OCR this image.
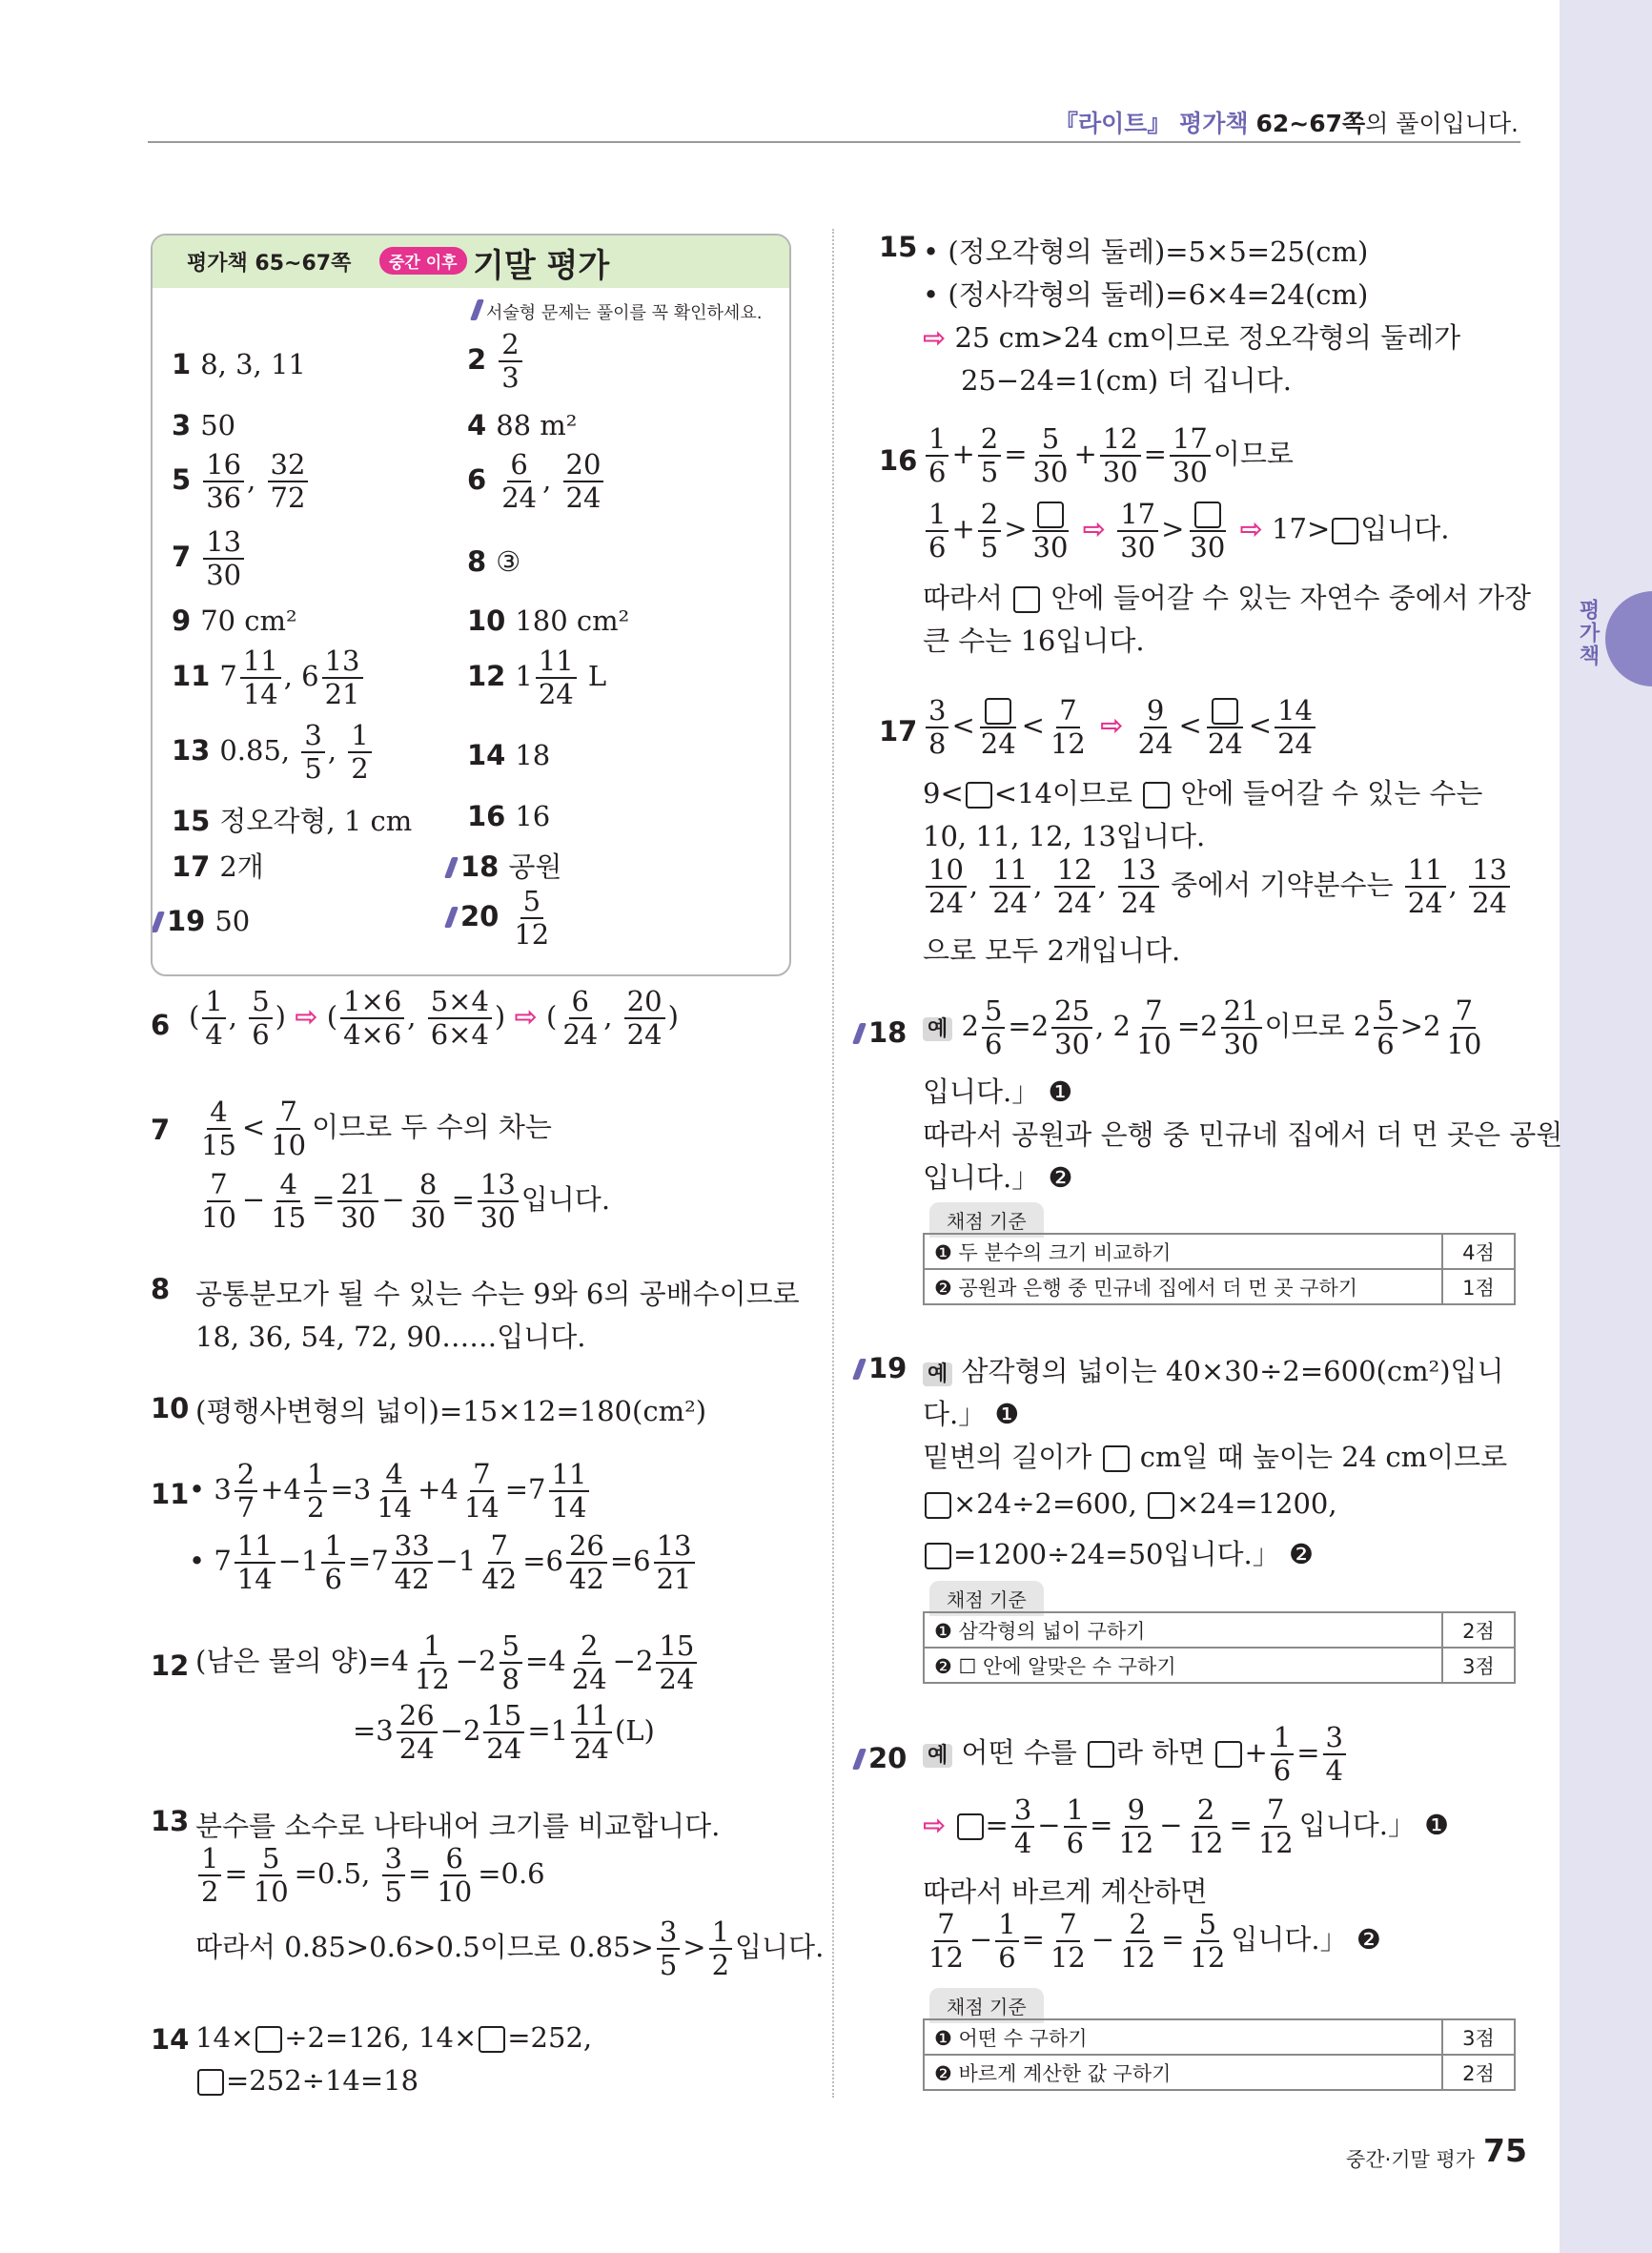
평가책
『라이트』 평가책 62~67쪽의 풀이입니다.
평가책 65~67쪽	중간 이후 기말 평가
서술형 문제는 풀이를 꼭 확인하세요.
1 8, 3, 11	$2 \frac{2}{3}$
3 50	4 88 m²
$5 \frac{16}{36}$ , $\frac{32}{72}$	$6 \frac{6}{24}$ , $\frac{20}{24}$
$7 \frac{13}{30}$	8 ③
9 70 cm²	10 180 cm²
11 $7 \frac{11}{14}$ , $6 \frac{13}{21}$	12 $1 \frac{11}{24}$ L
13 0.85, $\frac{3}{5}$ , $\frac{1}{2}$	14 18
15 정오각형, 1 cm 16 16
17 2개	18 공원
19 50	$20 \frac{5}{12}$
6 ( $\frac{1}{4}$ , $\frac{5}{6}$ ) ⇨ ( $\frac{1\times 6}{4\times 6}$ , $\frac{5\times 4}{6\times 4}$ ) ⇨ ( $\frac{6}{24}$ , $\frac{20}{24}$ )
$7 \frac{4}{15} < \frac{7}{10}$ 이므로 두 수의 차는
$\frac{7}{10} - \frac{4}{15} = \frac{21}{30} - \frac{8}{30} = \frac{13}{30}$ 입니다.
8 공통분모가 될 수 있는 수는 9와 6의 공배수이므로
18, 36, 54, 72, 90……입니다.
10 (평행사변형의 넓이)=15×12=180(cm²)
11 • $3 \frac{2}{7} +4 \frac{1}{2} =3 \frac{4}{14} +4 \frac{7}{14} =7 \frac{11}{14}$
• $7 \frac{11}{14} -1 \frac{1}{6} =7 \frac{33}{42} -1 \frac{7}{42} =6 \frac{26}{42} =6 \frac{13}{21}$
12 (남은 물의 양)$=4 \frac{1}{12} -2 \frac{5}{8} =4 \frac{2}{24} -2 \frac{15}{24}$
$=3 \frac{26}{24} -2 \frac{15}{24} =1 \frac{11}{24} (L)$
13 분수를 소수로 나타내어 크기를 비교합니다.
$\frac{1}{2} = \frac{5}{10} =0.5$, $\frac{3}{5} = \frac{6}{10} =0.6$
따라서 0.85>0.6>0.5이므로 $0.85> \frac{3}{5} > \frac{1}{2}$ 입니다.
14 14× ÷2=126, 14× =252,
=252÷14=18
15 • (정오각형의 둘레)=5×5=25(cm)
• (정사각형의 둘레)=6×4=24(cm)
⇨ 25 cm>24 cm이므로 정오각형의 둘레가
25−24=1(cm) 더 깁니다.
$16 \frac{1}{6} + \frac{2}{5} = \frac{5}{30} + \frac{12}{30} = \frac{17}{30}$ 이므로
$\frac{1}{6} + \frac{2}{5}$ >
30
⇨ $\frac{17}{30}$ >
30
⇨ 17> 입니다.
따라서 안에 들어갈 수 있는 자연수 중에서 가장
큰 수는 16입니다.
$17 \frac{3}{8}$ <
24
< $\frac{7}{12}$ ⇨ $\frac{9}{24}$ <
24
< $\frac{14}{24}$
9< <14이므로 안에 들어갈 수 있는 수는
10, 11, 12, 13입니다.
$\frac{10}{24}$ , $\frac{11}{24}$ , $\frac{12}{24}$ , $\frac{13}{24}$ 중에서 기약분수는 $\frac{11}{24}$ , $\frac{13}{24}$
으로 모두 2개입니다.
18 예 $2 \frac{5}{6} =2 \frac{25}{30}$ , $2 \frac{7}{10} =2 \frac{21}{30}$ 이므로 $2 \frac{5}{6} >2 \frac{7}{10}$
입니다.」 ❶
따라서 공원과 은행 중 민규네 집에서 더 먼 곳은 공원
입니다.」 ❷
채점 기준
❶ 두 분수의 크기 비교하기	4점
❷ 공원과 은행 중 민규네 집에서 더 먼 곳 구하기	1점
19 예 삼각형의 넓이는 40×30÷2=600(cm²)입니
다.」 ❶
밑변의 길이가 cm일 때 높이는 24 cm이므로
×24÷2=600, ×24=1200,
=1200÷24=50입니다.」 ❷
채점 기준
❶ 삼각형의 넓이 구하기	2점
❷ ☐ 안에 알맞은 수 구하기	3점
20 예 어떤 수를 라 하면 + $\frac{1}{6} = \frac{3}{4}$
⇨ = $\frac{3}{4} - \frac{1}{6} = \frac{9}{12} - \frac{2}{12} = \frac{7}{12}$ 입니다.」 ❶
따라서 바르게 계산하면
$\frac{7}{12} - \frac{1}{6} = \frac{7}{12} - \frac{2}{12} = \frac{5}{12}$ 입니다.」 ❷
채점 기준
❶ 어떤 수 구하기	3점
❷ 바르게 계산한 값 구하기	2점
중간·기말 평가 75
